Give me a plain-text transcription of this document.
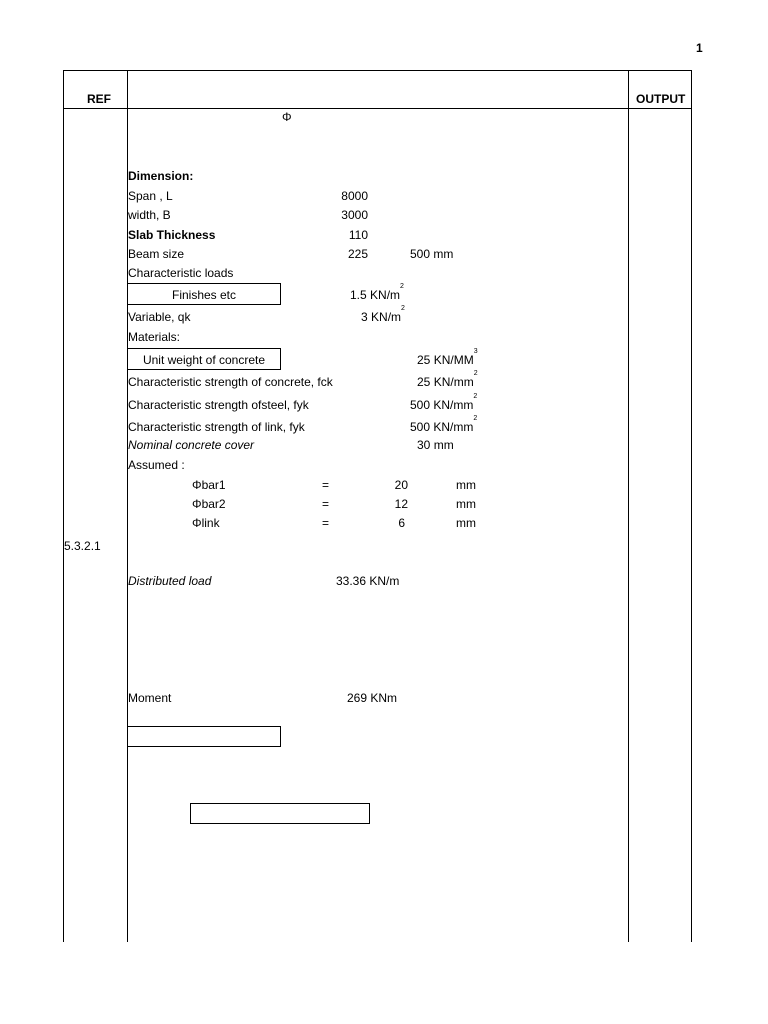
1
REF	OUTPUT
Φ
Dimension:
Span , L	8000
width, B	3000
Slab Thickness	110
Beam size	225	500 mm
Characteristic loads
Finishes etc	1.5 $KN/m^2$
Variable, qk	3 $KN/m^2$
Materials:
Unit weight of concrete	25 $KN/MM^3$
Characteristic strength of concrete, fck	25 $KN/mm^2$
Characteristic strength ofsteel, fyk	500 $KN/mm^2$
Characteristic strength of link, fyk	500 $KN/mm^2$
Nominal concrete cover	30 mm
Assumed :
Φbar1	=	20	mm
Φbar2	=	12	mm
Φlink	=	6	mm
5.3.2.1
Distributed load	33.36 KN/m
Moment	269 KNm
